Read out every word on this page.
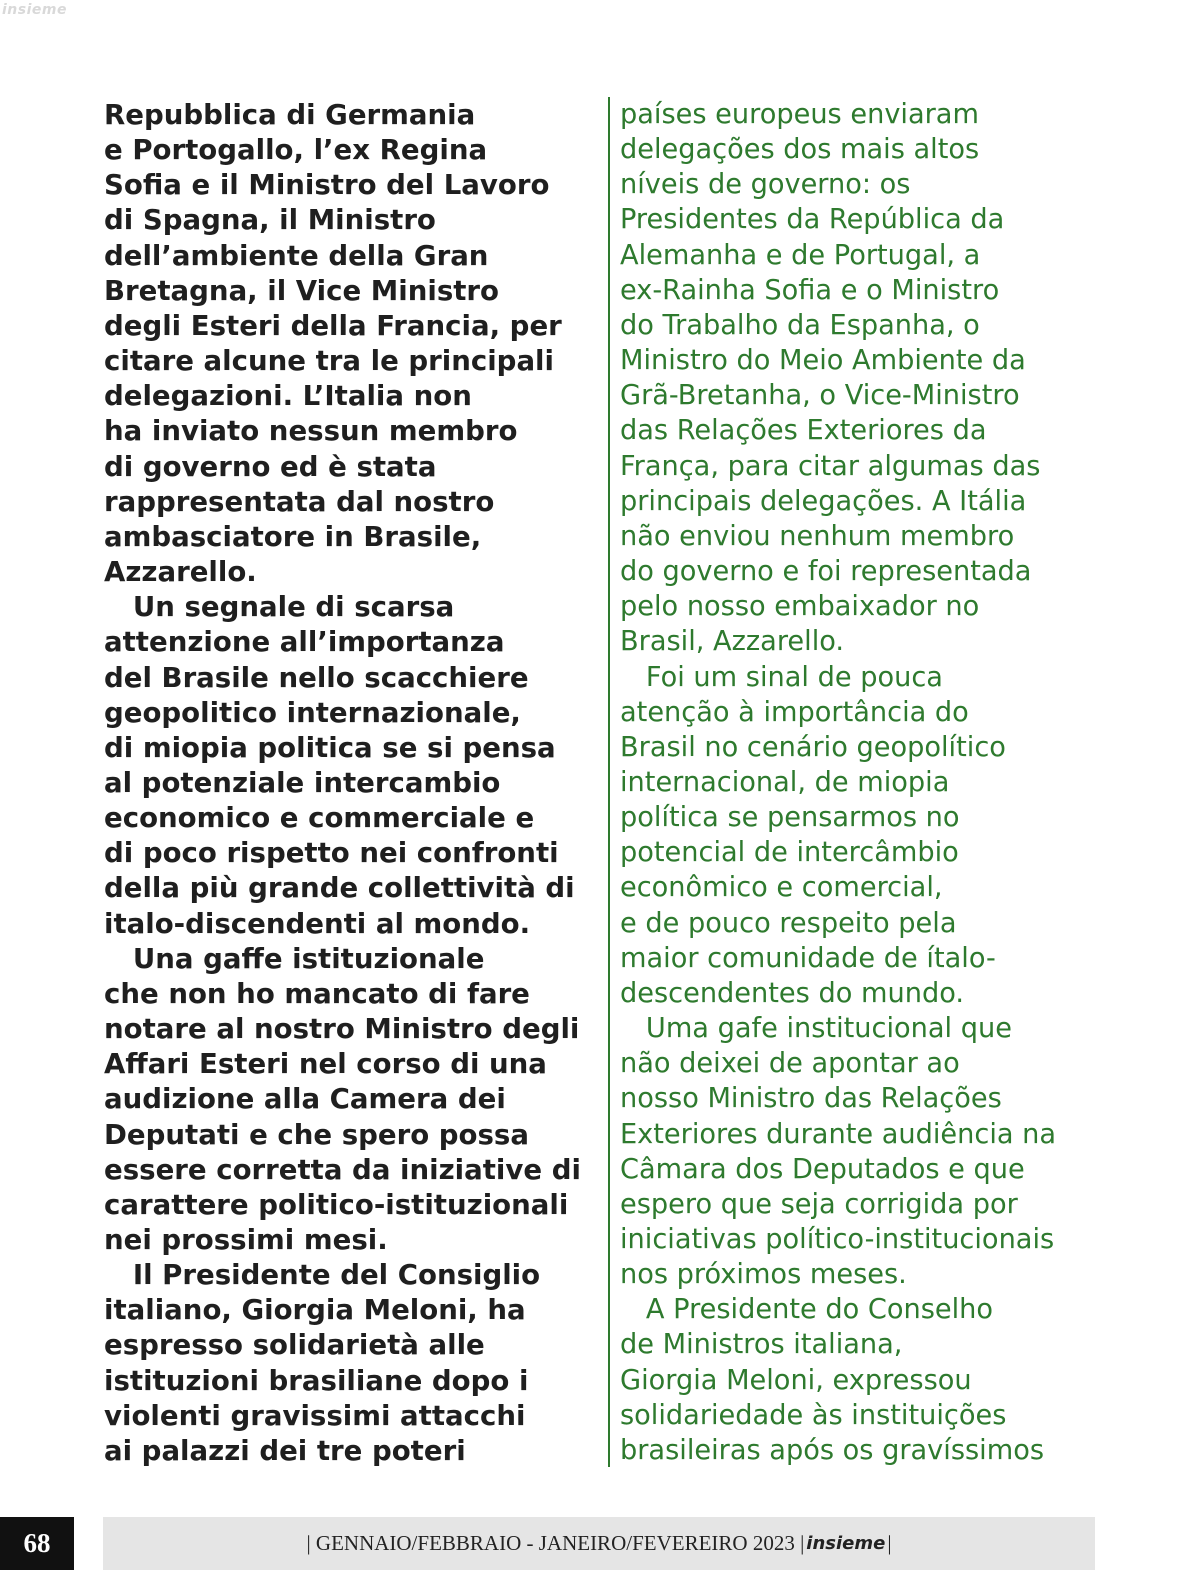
insieme
Repubblica di Germania
e Portogallo, l’ex Regina
Sofia e il Ministro del Lavoro
di Spagna, il Ministro
dell’ambiente della Gran
Bretagna, il Vice Ministro
degli Esteri della Francia, per
citare alcune tra le principali
delegazioni. L’Italia non
ha inviato nessun membro
di governo ed è stata
rappresentata dal nostro
ambasciatore in Brasile,
Azzarello.
Un segnale di scarsa
attenzione all’importanza
del Brasile nello scacchiere
geopolitico internazionale,
di miopia politica se si pensa
al potenziale intercambio
economico e commerciale e
di poco rispetto nei confronti
della più grande collettività di
italo-discendenti al mondo.
Una gaffe istituzionale
che non ho mancato di fare
notare al nostro Ministro degli
Affari Esteri nel corso di una
audizione alla Camera dei
Deputati e che spero possa
essere corretta da iniziative di
carattere politico-istituzionali
nei prossimi mesi.
Il Presidente del Consiglio
italiano, Giorgia Meloni, ha
espresso solidarietà alle
istituzioni brasiliane dopo i
violenti gravissimi attacchi
ai palazzi dei tre poteri
países europeus enviaram
delegações dos mais altos
níveis de governo: os
Presidentes da República da
Alemanha e de Portugal, a
ex-Rainha Sofia e o Ministro
do Trabalho da Espanha, o
Ministro do Meio Ambiente da
Grã-Bretanha, o Vice-Ministro
das Relações Exteriores da
França, para citar algumas das
principais delegações. A Itália
não enviou nenhum membro
do governo e foi representada
pelo nosso embaixador no
Brasil, Azzarello.
Foi um sinal de pouca
atenção à importância do
Brasil no cenário geopolítico
internacional, de miopia
política se pensarmos no
potencial de intercâmbio
econômico e comercial,
e de pouco respeito pela
maior comunidade de ítalo-
descendentes do mundo.
Uma gafe institucional que
não deixei de apontar ao
nosso Ministro das Relações
Exteriores durante audiência na
Câmara dos Deputados e que
espero que seja corrigida por
iniciativas político-institucionais
nos próximos meses.
A Presidente do Conselho
de Ministros italiana,
Giorgia Meloni, expressou
solidariedade às instituições
brasileiras após os gravíssimos
68	| GENNAIO/FEBBRAIO - JANEIRO/FEVEREIRO 2023 | insieme |
